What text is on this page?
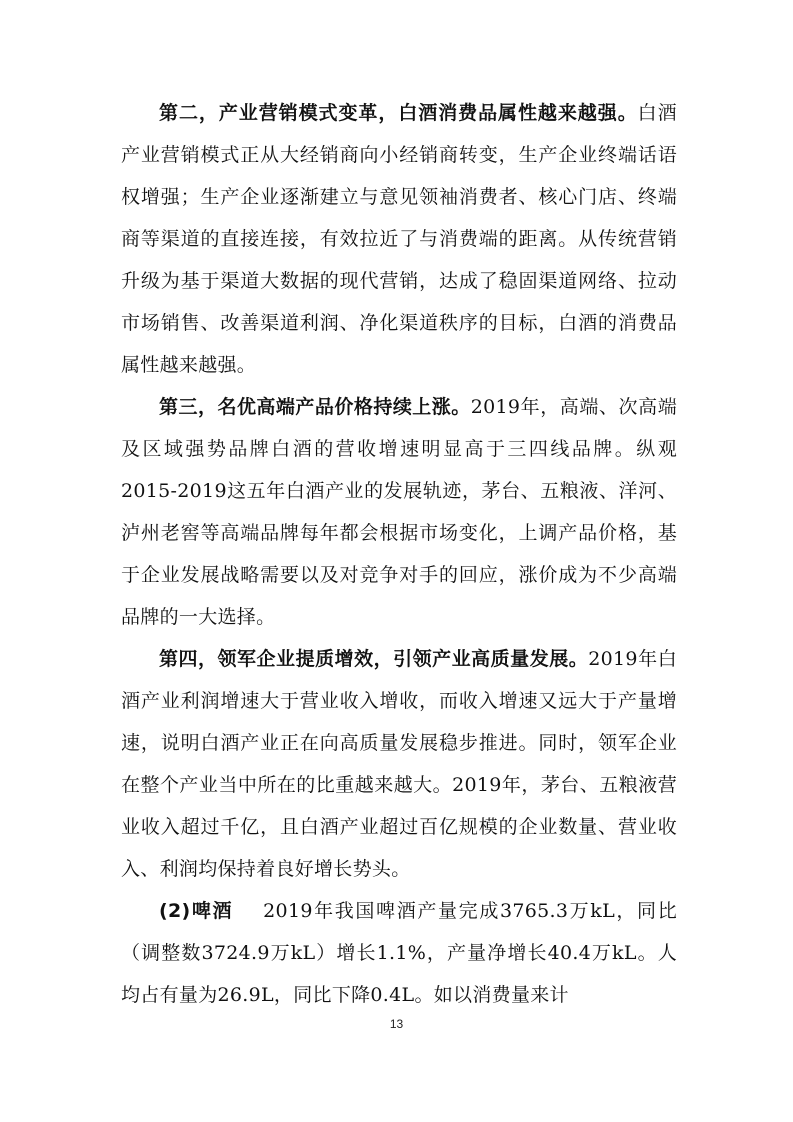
第二，产业营销模式变革，白酒消费品属性越来越强。白酒产业营销模式正从大经销商向小经销商转变，生产企业终端话语权增强；生产企业逐渐建立与意见领袖消费者、核心门店、终端商等渠道的直接连接，有效拉近了与消费端的距离。从传统营销升级为基于渠道大数据的现代营销，达成了稳固渠道网络、拉动市场销售、改善渠道利润、净化渠道秩序的目标，白酒的消费品属性越来越强。

第三，名优高端产品价格持续上涨。2019年，高端、次高端及区域强势品牌白酒的营收增速明显高于三四线品牌。纵观2015-2019这五年白酒产业的发展轨迹，茅台、五粮液、洋河、泸州老窖等高端品牌每年都会根据市场变化，上调产品价格，基于企业发展战略需要以及对竞争对手的回应，涨价成为不少高端品牌的一大选择。

第四，领军企业提质增效，引领产业高质量发展。2019年白酒产业利润增速大于营业收入增收，而收入增速又远大于产量增速，说明白酒产业正在向高质量发展稳步推进。同时，领军企业在整个产业当中所在的比重越来越大。2019年，茅台、五粮液营业收入超过千亿，且白酒产业超过百亿规模的企业数量、营业收入、利润均保持着良好增长势头。

(2)啤酒 2019年我国啤酒产量完成3765.3万kL，同比（调整数3724.9万kL）增长1.1%，产量净增长40.4万kL。人均占有量为26.9L，同比下降0.4L。如以消费量来计

13
